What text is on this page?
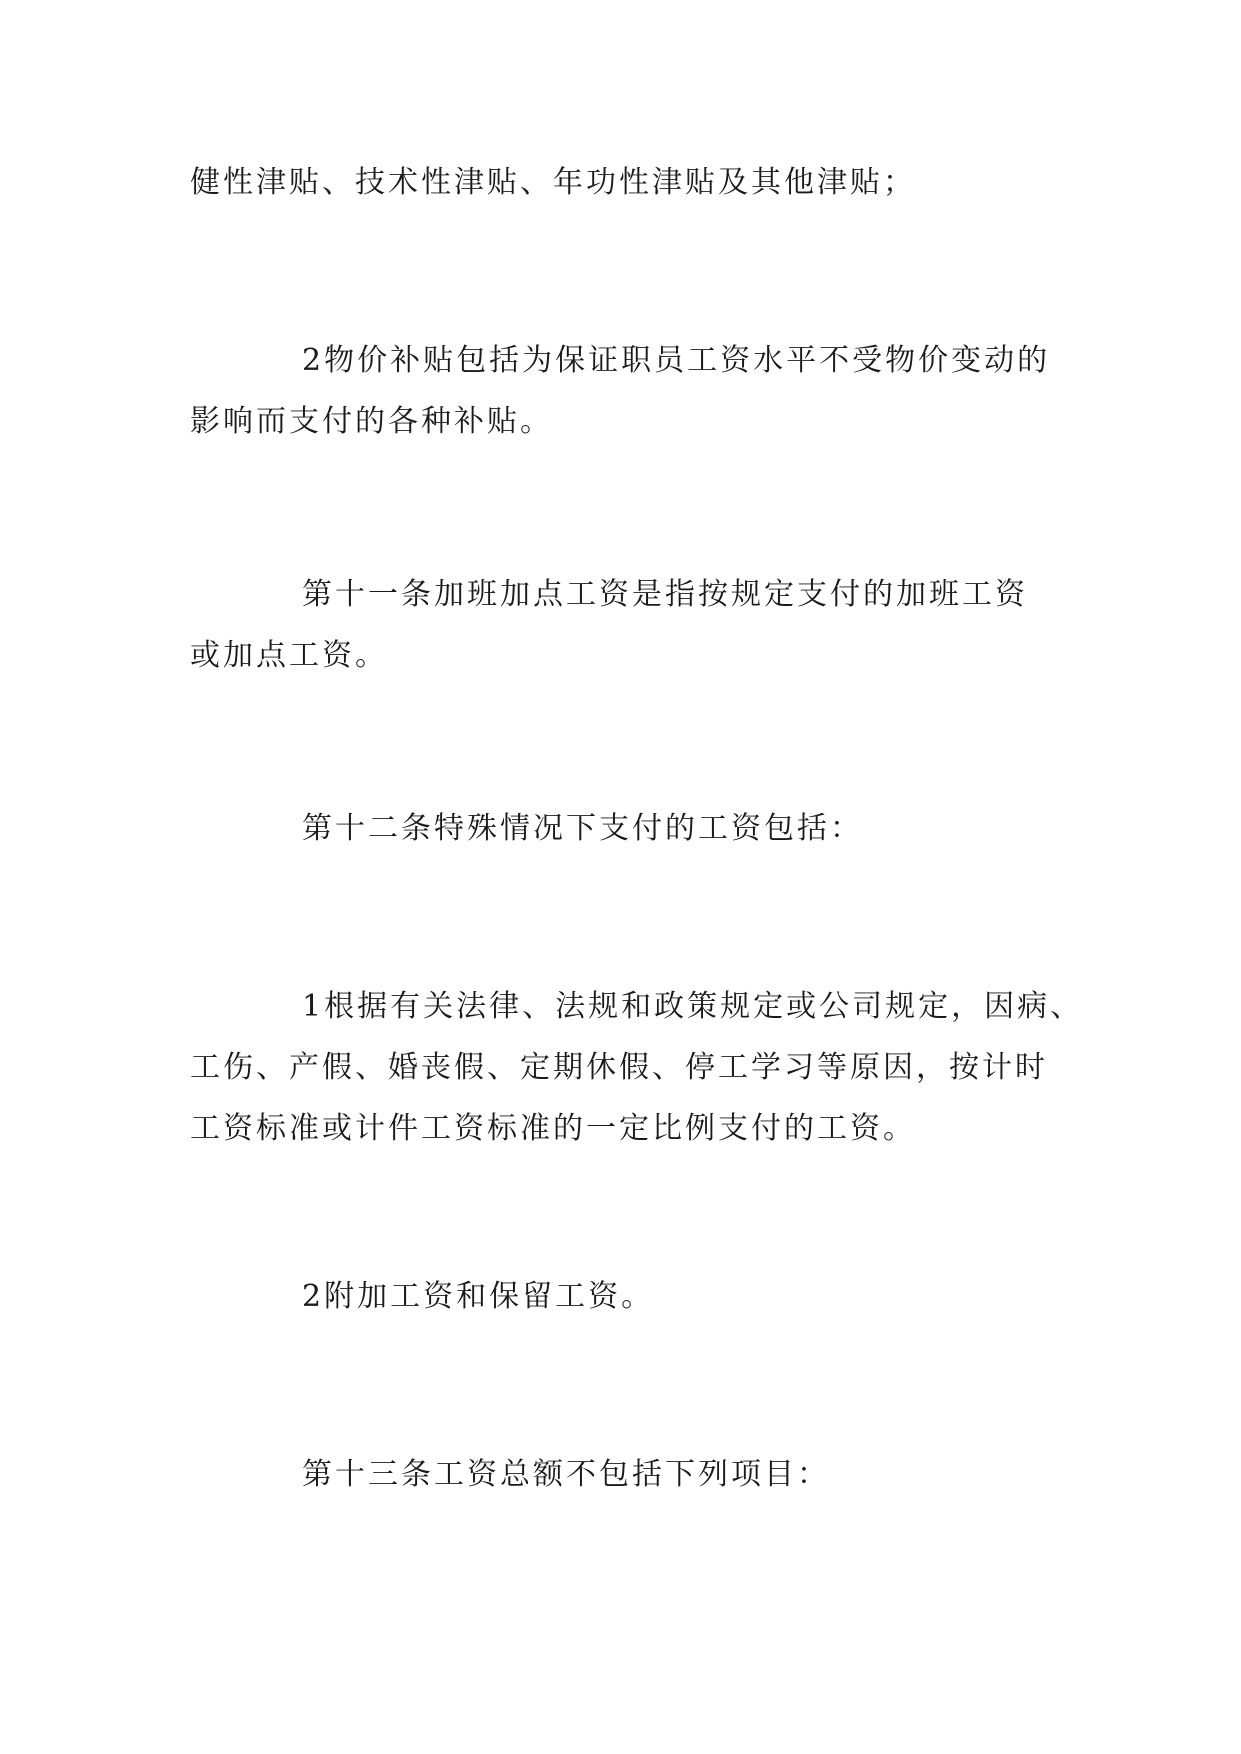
健性津贴、技术性津贴、年功性津贴及其他津贴；

2物价补贴包括为保证职员工资水平不受物价变动的
影响而支付的各种补贴。

第十一条加班加点工资是指按规定支付的加班工资
或加点工资。

第十二条特殊情况下支付的工资包括：

1根据有关法律、法规和政策规定或公司规定，因病、
工伤、产假、婚丧假、定期休假、停工学习等原因，按计时
工资标准或计件工资标准的一定比例支付的工资。

2附加工资和保留工资。

第十三条工资总额不包括下列项目：
